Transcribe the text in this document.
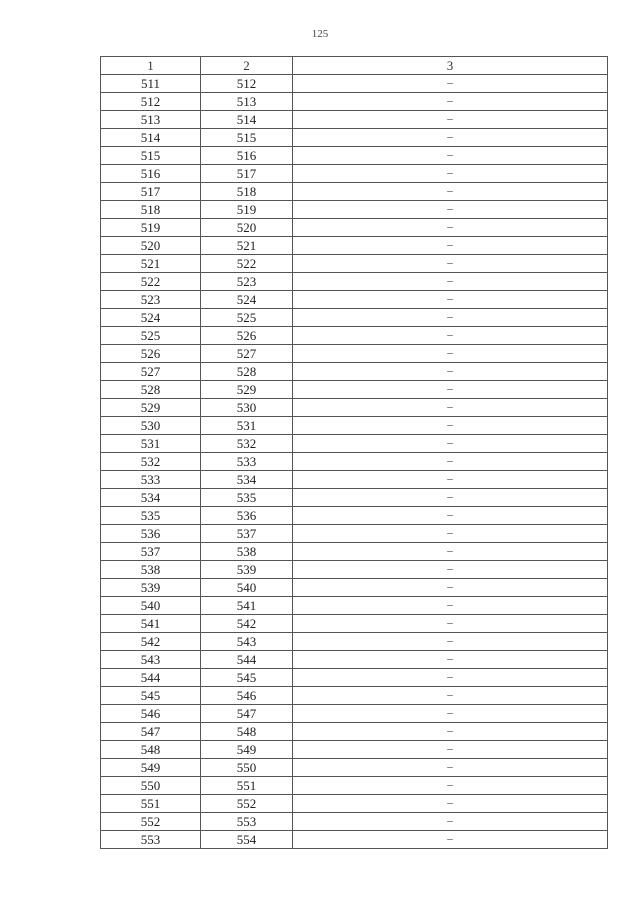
125
1	2	3
511	512	–
512	513	–
513	514	–
514	515	–
515	516	–
516	517	–
517	518	–
518	519	–
519	520	–
520	521	–
521	522	–
522	523	–
523	524	–
524	525	–
525	526	–
526	527	–
527	528	–
528	529	–
529	530	–
530	531	–
531	532	–
532	533	–
533	534	–
534	535	–
535	536	–
536	537	–
537	538	–
538	539	–
539	540	–
540	541	–
541	542	–
542	543	–
543	544	–
544	545	–
545	546	–
546	547	–
547	548	–
548	549	–
549	550	–
550	551	–
551	552	–
552	553	–
553	554	–
